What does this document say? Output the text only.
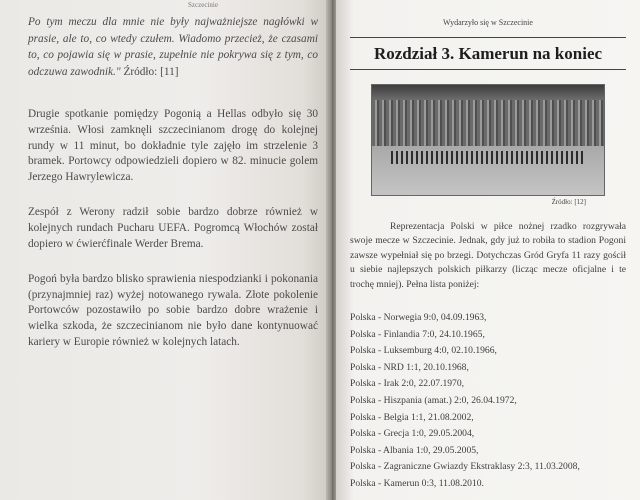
Szczecinie

Po tym meczu dla mnie nie były najważniejsze nagłówki w prasie, ale to, co wtedy czułem. Wiadomo przecież, że czasami to, co pojawia się w prasie, zupełnie nie pokrywa się z tym, co odczuwa zawodnik." Źródło: [11]

Drugie spotkanie pomiędzy Pogonią a Hellas odbyło się 30 września. Włosi zamknęli szczecinianom drogę do kolejnej rundy w 11 minut, bo dokładnie tyle zajęło im strzelenie 3 bramek. Portowcy odpowiedzieli dopiero w 82. minucie golem Jerzego Hawrylewicza.

Zespół z Werony radził sobie bardzo dobrze również w kolejnych rundach Pucharu UEFA. Pogromcą Włochów został dopiero w ćwierćfinale Werder Brema.

Pogoń była bardzo blisko sprawienia niespodzianki i pokonania (przynajmniej raz) wyżej notowanego rywala. Złote pokolenie Portowców pozostawiło po sobie bardzo dobre wrażenie i wielka szkoda, że szczecinianom nie było dane kontynuować kariery w Europie również w kolejnych latach.

Wydarzyło się w Szczecinie
Rozdział 3. Kamerun na koniec
Źródło: [12]

Reprezentacja Polski w piłce nożnej rzadko rozgrywała swoje mecze w Szczecinie. Jednak, gdy już to robiła to stadion Pogoni zawsze wypełniał się po brzegi. Dotychczas Gród Gryfa 11 razy gościł u siebie najlepszych polskich piłkarzy (licząc mecze oficjalne i te trochę mniej). Pełna lista poniżej:

Polska - Norwegia 9:0, 04.09.1963,
Polska - Finlandia 7:0, 24.10.1965,
Polska - Luksemburg 4:0, 02.10.1966,
Polska - NRD 1:1, 20.10.1968,
Polska - Irak 2:0, 22.07.1970,
Polska - Hiszpania (amat.) 2:0, 26.04.1972,
Polska - Belgia 1:1, 21.08.2002,
Polska - Grecja 1:0, 29.05.2004,
Polska - Albania 1:0, 29.05.2005,
Polska - Zagraniczne Gwiazdy Ekstraklasy 2:3, 11.03.2008,
Polska - Kamerun 0:3, 11.08.2010.
